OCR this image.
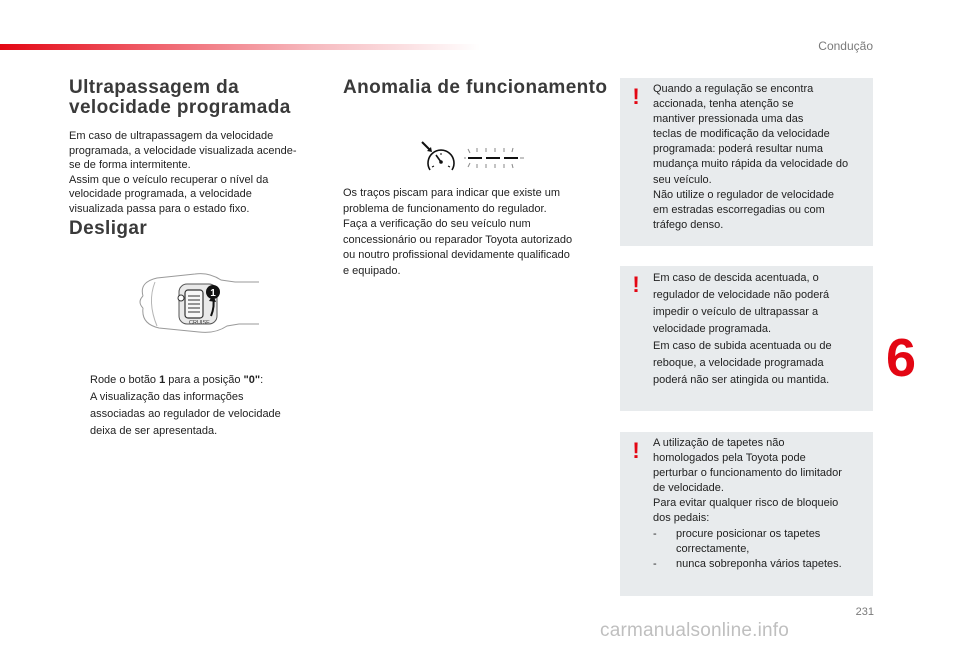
Condução
6
231
Ultrapassagem da
velocidade programada

Em caso de ultrapassagem da velocidade
programada, a velocidade visualizada acende-
se de forma intermitente.
Assim que o veículo recuperar o nível da
velocidade programada, a velocidade
visualizada passa para o estado fixo.

Desligar
1
CRUISE
Rode o botão 1 para a posição "0":
A visualização das informações
associadas ao regulador de velocidade
deixa de ser apresentada.
Anomalia de funcionamento

Os traços piscam para indicar que existe um
problema de funcionamento do regulador.
Faça a verificação do seu veículo num
concessionário ou reparador Toyota autorizado
ou noutro profissional devidamente qualificado
e equipado.

! Quando a regulação se encontra
accionada, tenha atenção se
mantiver pressionada uma das
teclas de modificação da velocidade
programada: poderá resultar numa
mudança muito rápida da velocidade do
seu veículo.
Não utilize o regulador de velocidade
em estradas escorregadias ou com
tráfego denso.
! Em caso de descida acentuada, o
regulador de velocidade não poderá
impedir o veículo de ultrapassar a
velocidade programada.
Em caso de subida acentuada ou de
reboque, a velocidade programada
poderá não ser atingida ou mantida.
! A utilização de tapetes não
homologados pela Toyota pode
perturbar o funcionamento do limitador
de velocidade.
Para evitar qualquer risco de bloqueio
dos pedais:
- procure posicionar os tapetes
correctamente,
- nunca sobreponha vários tapetes.
carmanualsonline.info
